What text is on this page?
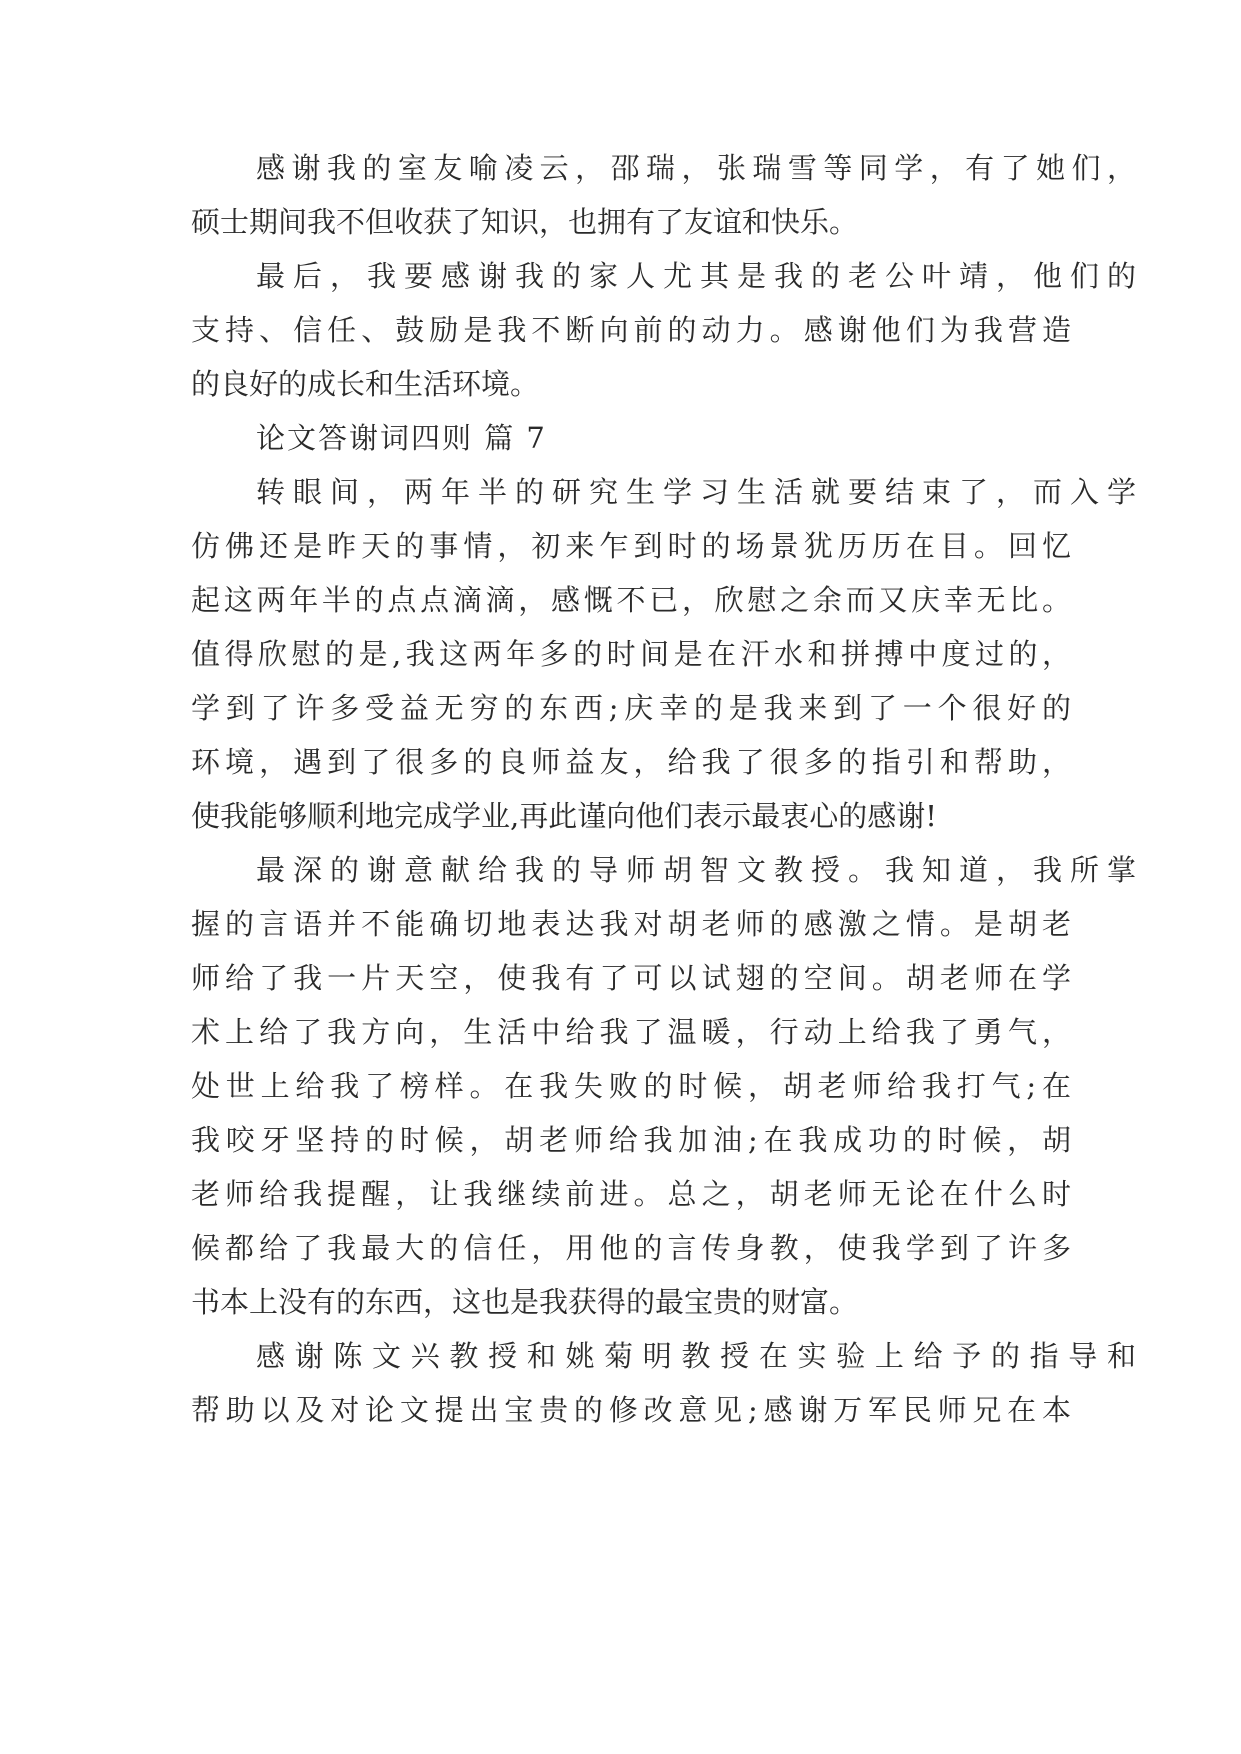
感谢我的室友喻凌云，邵瑞，张瑞雪等同学，有了她们，
硕士期间我不但收获了知识，也拥有了友谊和快乐。
最后，我要感谢我的家人尤其是我的老公叶靖，他们的
支持、信任、鼓励是我不断向前的动力。感谢他们为我营造
的良好的成长和生活环境。
论文答谢词四则 篇 7
转眼间，两年半的研究生学习生活就要结束了，而入学
仿佛还是昨天的事情，初来乍到时的场景犹历历在目。回忆
起这两年半的点点滴滴，感慨不已，欣慰之余而又庆幸无比。
值得欣慰的是,我这两年多的时间是在汗水和拼搏中度过的，
学到了许多受益无穷的东西;庆幸的是我来到了一个很好的
环境，遇到了很多的良师益友，给我了很多的指引和帮助，
使我能够顺利地完成学业,再此谨向他们表示最衷心的感谢!
最深的谢意献给我的导师胡智文教授。我知道，我所掌
握的言语并不能确切地表达我对胡老师的感激之情。是胡老
师给了我一片天空，使我有了可以试翅的空间。胡老师在学
术上给了我方向，生活中给我了温暖，行动上给我了勇气，
处世上给我了榜样。在我失败的时候，胡老师给我打气;在
我咬牙坚持的时候，胡老师给我加油;在我成功的时候，胡
老师给我提醒，让我继续前进。总之，胡老师无论在什么时
候都给了我最大的信任，用他的言传身教，使我学到了许多
书本上没有的东西，这也是我获得的最宝贵的财富。
感谢陈文兴教授和姚菊明教授在实验上给予的指导和
帮助以及对论文提出宝贵的修改意见;感谢万军民师兄在本
